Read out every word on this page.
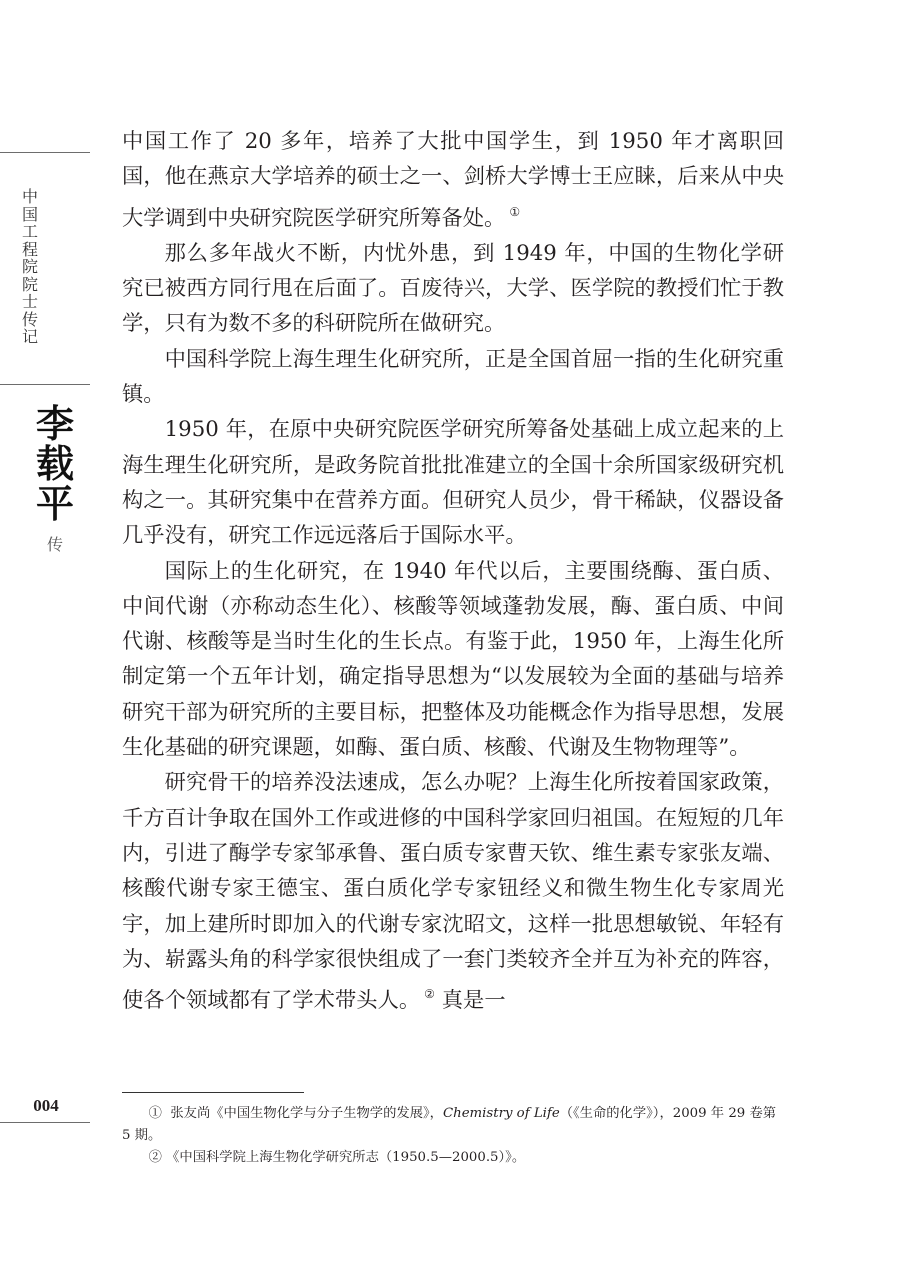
中国工程院院士传记
李载平
传
004

中国工作了 20 多年，培养了大批中国学生，到 1950 年才离职回国，他在燕京大学培养的硕士之一、剑桥大学博士王应睐，后来从中央大学调到中央研究院医学研究所筹备处。 ①

那么多年战火不断，内忧外患，到 1949 年，中国的生物化学研究已被西方同行甩在后面了。百废待兴，大学、医学院的教授们忙于教学，只有为数不多的科研院所在做研究。

中国科学院上海生理生化研究所，正是全国首屈一指的生化研究重镇。

1950 年，在原中央研究院医学研究所筹备处基础上成立起来的上海生理生化研究所，是政务院首批批准建立的全国十余所国家级研究机构之一。其研究集中在营养方面。但研究人员少，骨干稀缺，仪器设备几乎没有，研究工作远远落后于国际水平。

国际上的生化研究，在 1940 年代以后，主要围绕酶、蛋白质、中间代谢（亦称动态生化）、核酸等领域蓬勃发展，酶、蛋白质、中间代谢、核酸等是当时生化的生长点。有鉴于此，1950 年，上海生化所制定第一个五年计划，确定指导思想为“以发展较为全面的基础与培养研究干部为研究所的主要目标，把整体及功能概念作为指导思想，发展生化基础的研究课题，如酶、蛋白质、核酸、代谢及生物物理等”。

研究骨干的培养没法速成，怎么办呢？上海生化所按着国家政策，千方百计争取在国外工作或进修的中国科学家回归祖国。在短短的几年内，引进了酶学专家邹承鲁、蛋白质专家曹天钦、维生素专家张友端、核酸代谢专家王德宝、蛋白质化学专家钮经义和微生物生化专家周光宇，加上建所时即加入的代谢专家沈昭文，这样一批思想敏锐、年轻有为、崭露头角的科学家很快组成了一套门类较齐全并互为补充的阵容，使各个领域都有了学术带头人。 ② 真是一

① 张友尚《中国生物化学与分子生物学的发展》，Chemistry of Life（《生命的化学》），2009 年 29 卷第 5 期。

② 《中国科学院上海生物化学研究所志（1950.5—2000.5）》。
